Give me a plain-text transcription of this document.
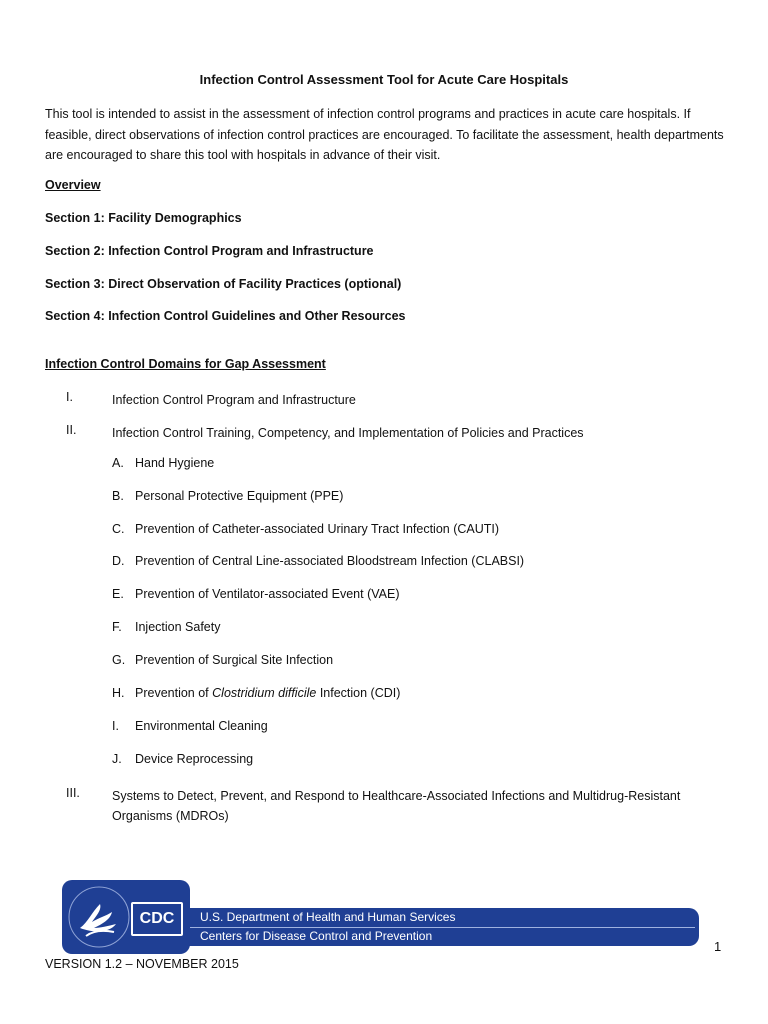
Infection Control Assessment Tool for Acute Care Hospitals
This tool is intended to assist in the assessment of infection control programs and practices in acute care hospitals. If feasible, direct observations of infection control practices are encouraged. To facilitate the assessment, health departments are encouraged to share this tool with hospitals in advance of their visit.
Overview
Section 1: Facility Demographics
Section 2: Infection Control Program and Infrastructure
Section 3: Direct Observation of Facility Practices (optional)
Section 4: Infection Control Guidelines and Other Resources
Infection Control Domains for Gap Assessment
I.	Infection Control Program and Infrastructure
II.	Infection Control Training, Competency, and Implementation of Policies and Practices
A. Hand Hygiene
B. Personal Protective Equipment (PPE)
C. Prevention of Catheter-associated Urinary Tract Infection (CAUTI)
D. Prevention of Central Line-associated Bloodstream Infection (CLABSI)
E. Prevention of Ventilator-associated Event (VAE)
F. Injection Safety
G. Prevention of Surgical Site Infection
H. Prevention of Clostridium difficile Infection (CDI)
I. Environmental Cleaning
J. Device Reprocessing
III.	Systems to Detect, Prevent, and Respond to Healthcare-Associated Infections and Multidrug-Resistant Organisms (MDROs)
U.S. Department of Health and Human Services
Centers for Disease Control and Prevention
CDC
1
VERSION 1.2 – NOVEMBER 2015
